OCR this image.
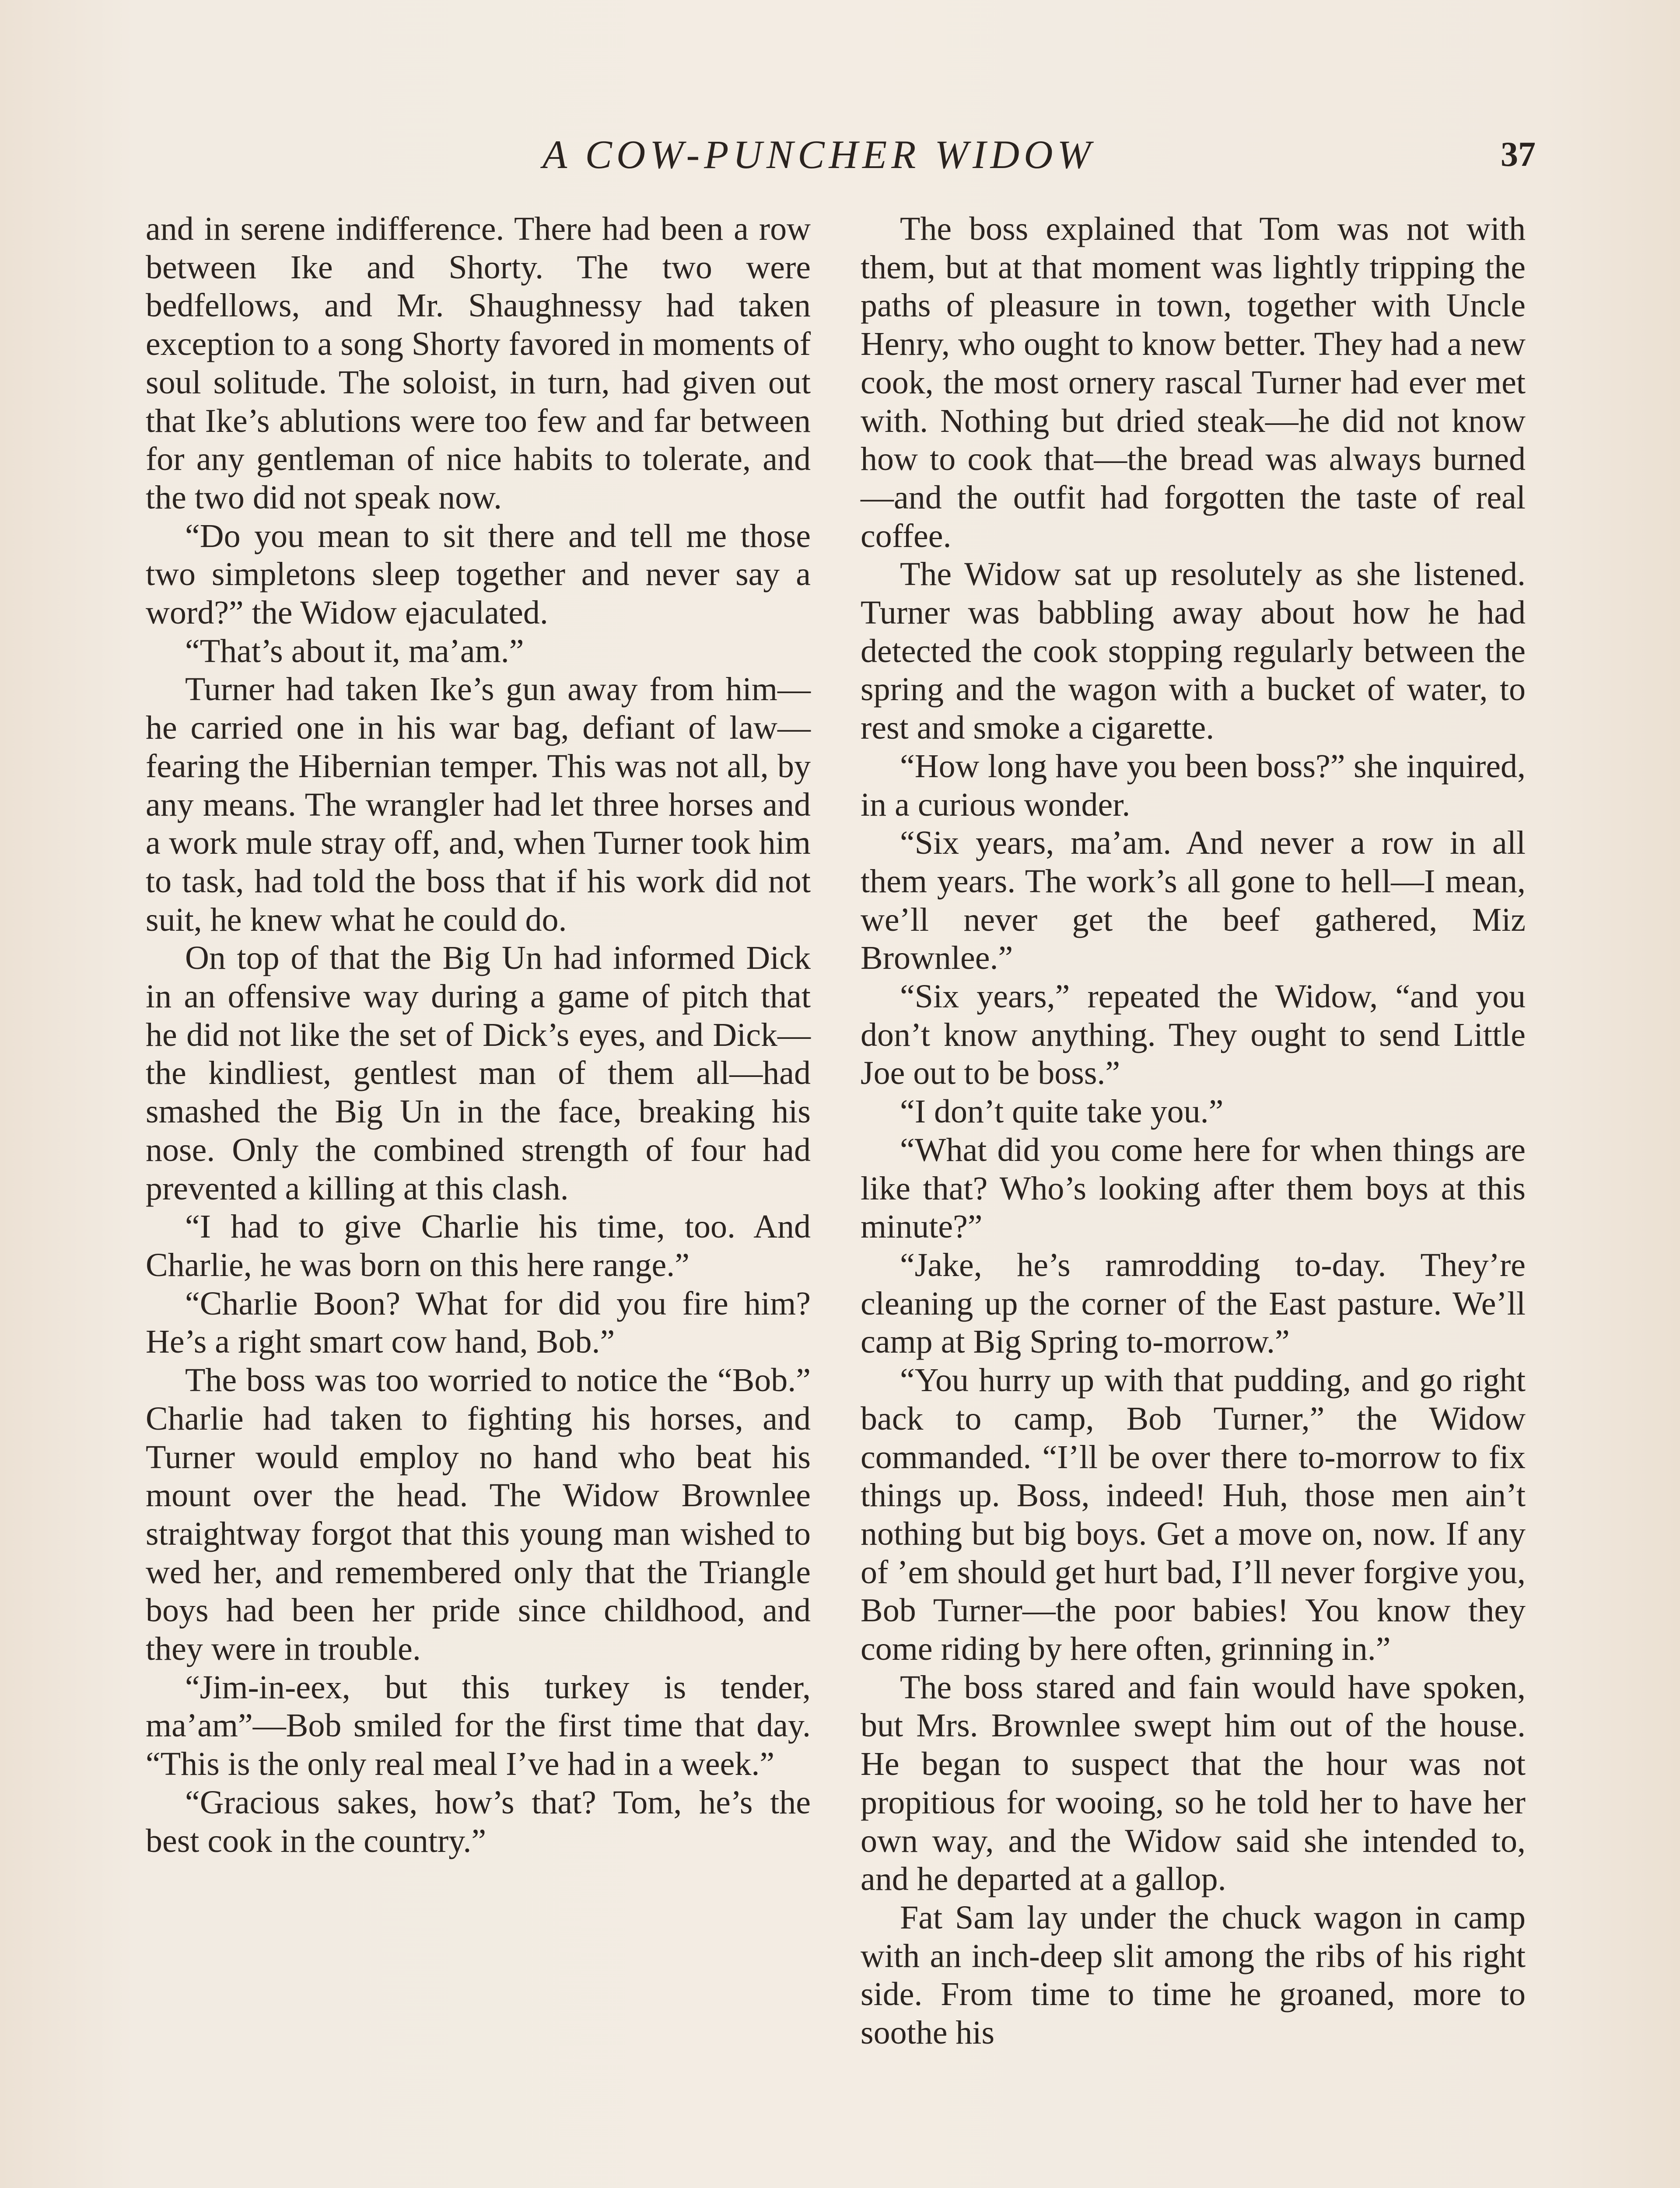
A COW-PUNCHER WIDOW	37

and in serene indifference. There had been a row between Ike and Shorty. The two were bedfellows, and Mr. Shaughnessy had taken exception to a song Shorty favored in moments of soul solitude. The soloist, in turn, had given out that Ike’s ablutions were too few and far between for any gentleman of nice habits to tolerate, and the two did not speak now.

“Do you mean to sit there and tell me those two simpletons sleep together and never say a word?” the Widow ejaculated.

“That’s about it, ma’am.”

Turner had taken Ike’s gun away from him—he carried one in his war bag, defiant of law—fearing the Hibernian temper. This was not all, by any means. The wrangler had let three horses and a work mule stray off, and, when Turner took him to task, had told the boss that if his work did not suit, he knew what he could do.

On top of that the Big Un had informed Dick in an offensive way during a game of pitch that he did not like the set of Dick’s eyes, and Dick—the kindliest, gentlest man of them all—had smashed the Big Un in the face, breaking his nose. Only the combined strength of four had prevented a killing at this clash.

“I had to give Charlie his time, too. And Charlie, he was born on this here range.”

“Charlie Boon? What for did you fire him? He’s a right smart cow hand, Bob.”

The boss was too worried to notice the “Bob.” Charlie had taken to fighting his horses, and Turner would employ no hand who beat his mount over the head. The Widow Brownlee straightway forgot that this young man wished to wed her, and remembered only that the Triangle boys had been her pride since childhood, and they were in trouble.

“Jim-in-eex, but this turkey is tender, ma’am”—Bob smiled for the first time that day. “This is the only real meal I’ve had in a week.”

“Gracious sakes, how’s that? Tom, he’s the best cook in the country.”

The boss explained that Tom was not with them, but at that moment was lightly tripping the paths of pleasure in town, together with Uncle Henry, who ought to know better. They had a new cook, the most ornery rascal Turner had ever met with. Nothing but dried steak—he did not know how to cook that—the bread was always burned—and the outfit had forgotten the taste of real coffee.

The Widow sat up resolutely as she listened. Turner was babbling away about how he had detected the cook stopping regularly between the spring and the wagon with a bucket of water, to rest and smoke a cigarette.

“How long have you been boss?” she inquired, in a curious wonder.

“Six years, ma’am. And never a row in all them years. The work’s all gone to hell—I mean, we’ll never get the beef gathered, Miz Brownlee.”

“Six years,” repeated the Widow, “and you don’t know anything. They ought to send Little Joe out to be boss.”

“I don’t quite take you.”

“What did you come here for when things are like that? Who’s looking after them boys at this minute?”

“Jake, he’s ramrodding to-day. They’re cleaning up the corner of the East pasture. We’ll camp at Big Spring to-morrow.”

“You hurry up with that pudding, and go right back to camp, Bob Turner,” the Widow commanded. “I’ll be over there to-morrow to fix things up. Boss, indeed! Huh, those men ain’t nothing but big boys. Get a move on, now. If any of ’em should get hurt bad, I’ll never forgive you, Bob Turner—the poor babies! You know they come riding by here often, grinning in.”

The boss stared and fain would have spoken, but Mrs. Brownlee swept him out of the house. He began to suspect that the hour was not propitious for wooing, so he told her to have her own way, and the Widow said she intended to, and he departed at a gallop.

Fat Sam lay under the chuck wagon in camp with an inch-deep slit among the ribs of his right side. From time to time he groaned, more to soothe his
